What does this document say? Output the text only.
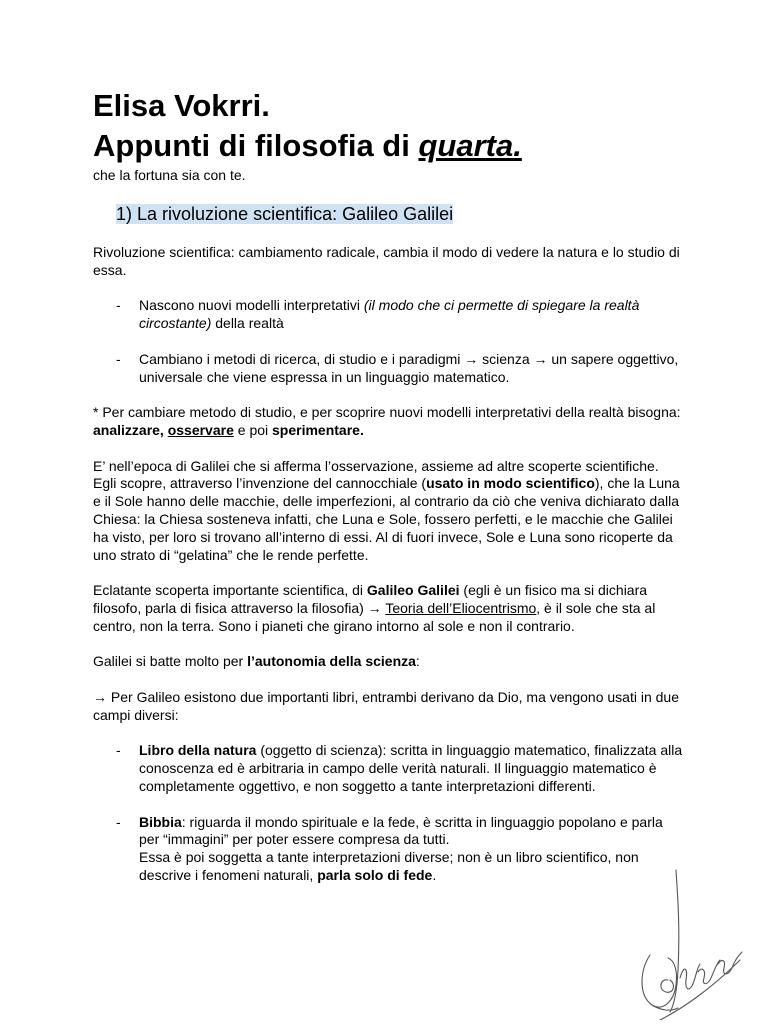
Elisa Vokrri.
Appunti di filosofia di quarta.
che la fortuna sia con te.
1) La rivoluzione scientifica: Galileo Galilei

Rivoluzione scientifica: cambiamento radicale, cambia il modo di vedere la natura e lo studio di essa.

- Nascono nuovi modelli interpretativi (il modo che ci permette di spiegare la realtà circostante) della realtà
- Cambiano i metodi di ricerca, di studio e i paradigmi → scienza → un sapere oggettivo, universale che viene espressa in un linguaggio matematico.

* Per cambiare metodo di studio, e per scoprire nuovi modelli interpretativi della realtà bisogna: analizzare, osservare e poi sperimentare.

E’ nell’epoca di Galilei che si afferma l’osservazione, assieme ad altre scoperte scientifiche. Egli scopre, attraverso l’invenzione del cannocchiale (usato in modo scientifico), che la Luna e il Sole hanno delle macchie, delle imperfezioni, al contrario da ciò che veniva dichiarato dalla Chiesa: la Chiesa sosteneva infatti, che Luna e Sole, fossero perfetti, e le macchie che Galilei ha visto, per loro si trovano all’interno di essi. Al di fuori invece, Sole e Luna sono ricoperte da uno strato di “gelatina” che le rende perfette.

Eclatante scoperta importante scientifica, di Galileo Galilei (egli è un fisico ma si dichiara filosofo, parla di fisica attraverso la filosofia) → Teoria dell’Eliocentrismo, è il sole che sta al centro, non la terra. Sono i pianeti che girano intorno al sole e non il contrario.

Galilei si batte molto per l’autonomia della scienza:

→ Per Galileo esistono due importanti libri, entrambi derivano da Dio, ma vengono usati in due campi diversi:

- Libro della natura (oggetto di scienza): scritta in linguaggio matematico, finalizzata alla conoscenza ed è arbitraria in campo delle verità naturali. Il linguaggio matematico è completamente oggettivo, e non soggetto a tante interpretazioni differenti.
- Bibbia: riguarda il mondo spirituale e la fede, è scritta in linguaggio popolano e parla per “immagini” per poter essere compresa da tutti.
Essa è poi soggetta a tante interpretazioni diverse; non è un libro scientifico, non descrive i fenomeni naturali, parla solo di fede.
